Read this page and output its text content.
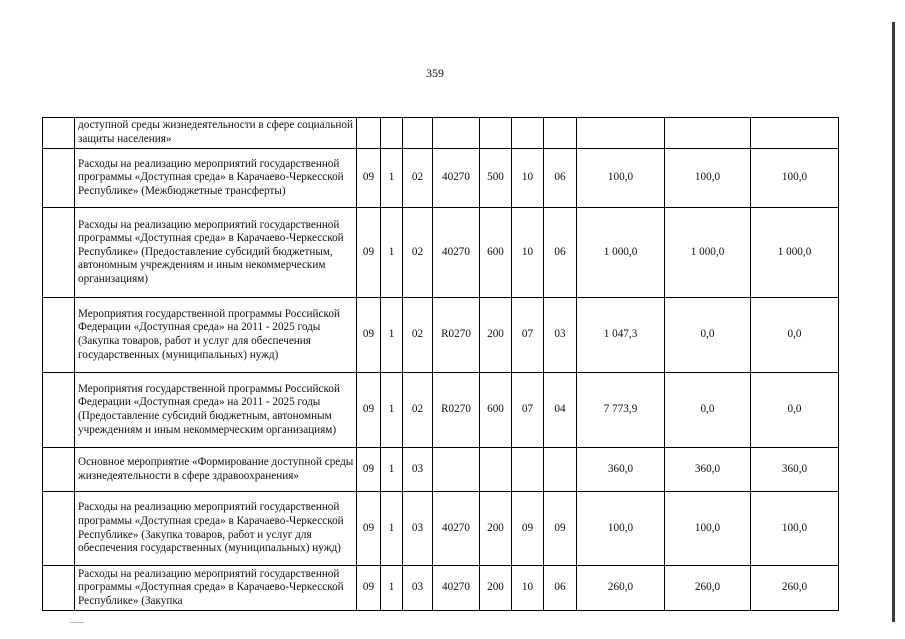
359
	доступной среды жизнедеятельности в сфере социальной защиты населения»										
	Расходы на реализацию мероприятий государственной программы «Доступная среда» в Карачаево-Черкесской Республике» (Межбюджетные трансферты)	09	1	02	40270	500	10	06	100,0	100,0	100,0
	Расходы на реализацию мероприятий государственной программы «Доступная среда» в Карачаево-Черкесской Республике» (Предоставление субсидий бюджетным, автономным учреждениям и иным некоммерческим организациям)	09	1	02	40270	600	10	06	1 000,0	1 000,0	1 000,0
	Мероприятия государственной программы Российской Федерации «Доступная среда» на 2011 - 2025 годы (Закупка товаров, работ и услуг для обеспечения государственных (муниципальных) нужд)	09	1	02	R0270	200	07	03	1 047,3	0,0	0,0
	Мероприятия государственной программы Российской Федерации «Доступная среда» на 2011 - 2025 годы (Предоставление субсидий бюджетным, автономным учреждениям и иным некоммерческим организациям)	09	1	02	R0270	600	07	04	7 773,9	0,0	0,0
	Основное мероприятие «Формирование доступной среды жизнедеятельности в сфере здравоохранения»	09	1	03					360,0	360,0	360,0
	Расходы на реализацию мероприятий государственной программы «Доступная среда» в Карачаево-Черкесской Республике» (Закупка товаров, работ и услуг для обеспечения государственных (муниципальных) нужд)	09	1	03	40270	200	09	09	100,0	100,0	100,0
	Расходы на реализацию мероприятий государственной программы «Доступная среда» в Карачаево-Черкесской Республике» (Закупка	09	1	03	40270	200	10	06	260,0	260,0	260,0
